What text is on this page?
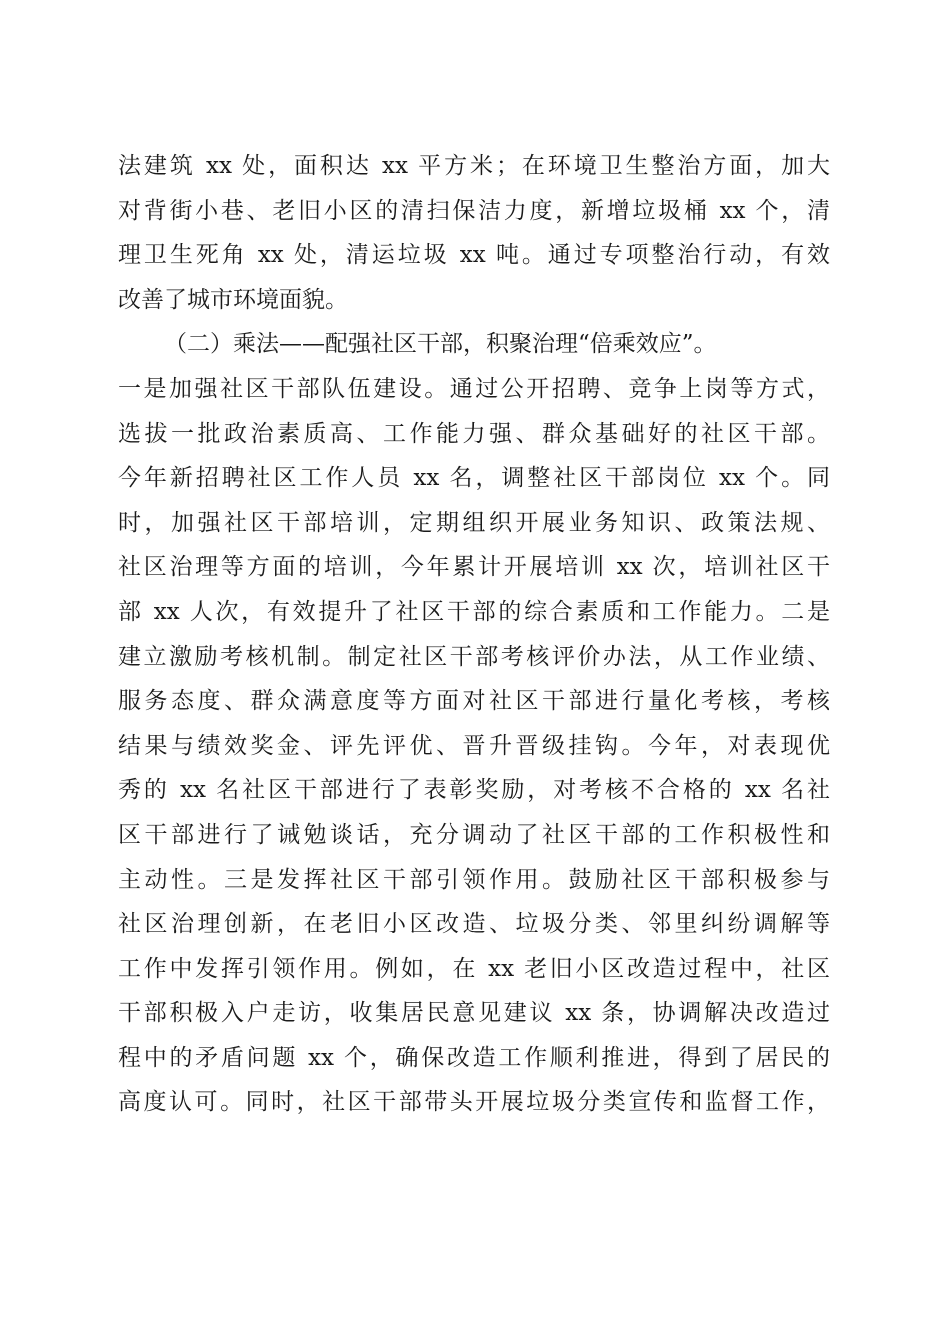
法建筑 xx 处，面积达 xx 平方米；在环境卫生整治方面，加大
对背街小巷、老旧小区的清扫保洁力度，新增垃圾桶 xx 个，清
理卫生死角 xx 处，清运垃圾 xx 吨。通过专项整治行动，有效
改善了城市环境面貌。
（二）乘法——配强社区干部，积聚治理“倍乘效应”。
一是加强社区干部队伍建设。通过公开招聘、竞争上岗等方式，
选拔一批政治素质高、工作能力强、群众基础好的社区干部。
今年新招聘社区工作人员 xx 名，调整社区干部岗位 xx 个。同
时，加强社区干部培训，定期组织开展业务知识、政策法规、
社区治理等方面的培训，今年累计开展培训 xx 次，培训社区干
部 xx 人次，有效提升了社区干部的综合素质和工作能力。二是
建立激励考核机制。制定社区干部考核评价办法，从工作业绩、
服务态度、群众满意度等方面对社区干部进行量化考核，考核
结果与绩效奖金、评先评优、晋升晋级挂钩。今年，对表现优
秀的 xx 名社区干部进行了表彰奖励，对考核不合格的 xx 名社
区干部进行了诫勉谈话，充分调动了社区干部的工作积极性和
主动性。三是发挥社区干部引领作用。鼓励社区干部积极参与
社区治理创新，在老旧小区改造、垃圾分类、邻里纠纷调解等
工作中发挥引领作用。例如，在 xx 老旧小区改造过程中，社区
干部积极入户走访，收集居民意见建议 xx 条，协调解决改造过
程中的矛盾问题 xx 个，确保改造工作顺利推进，得到了居民的
高度认可。同时，社区干部带头开展垃圾分类宣传和监督工作，
